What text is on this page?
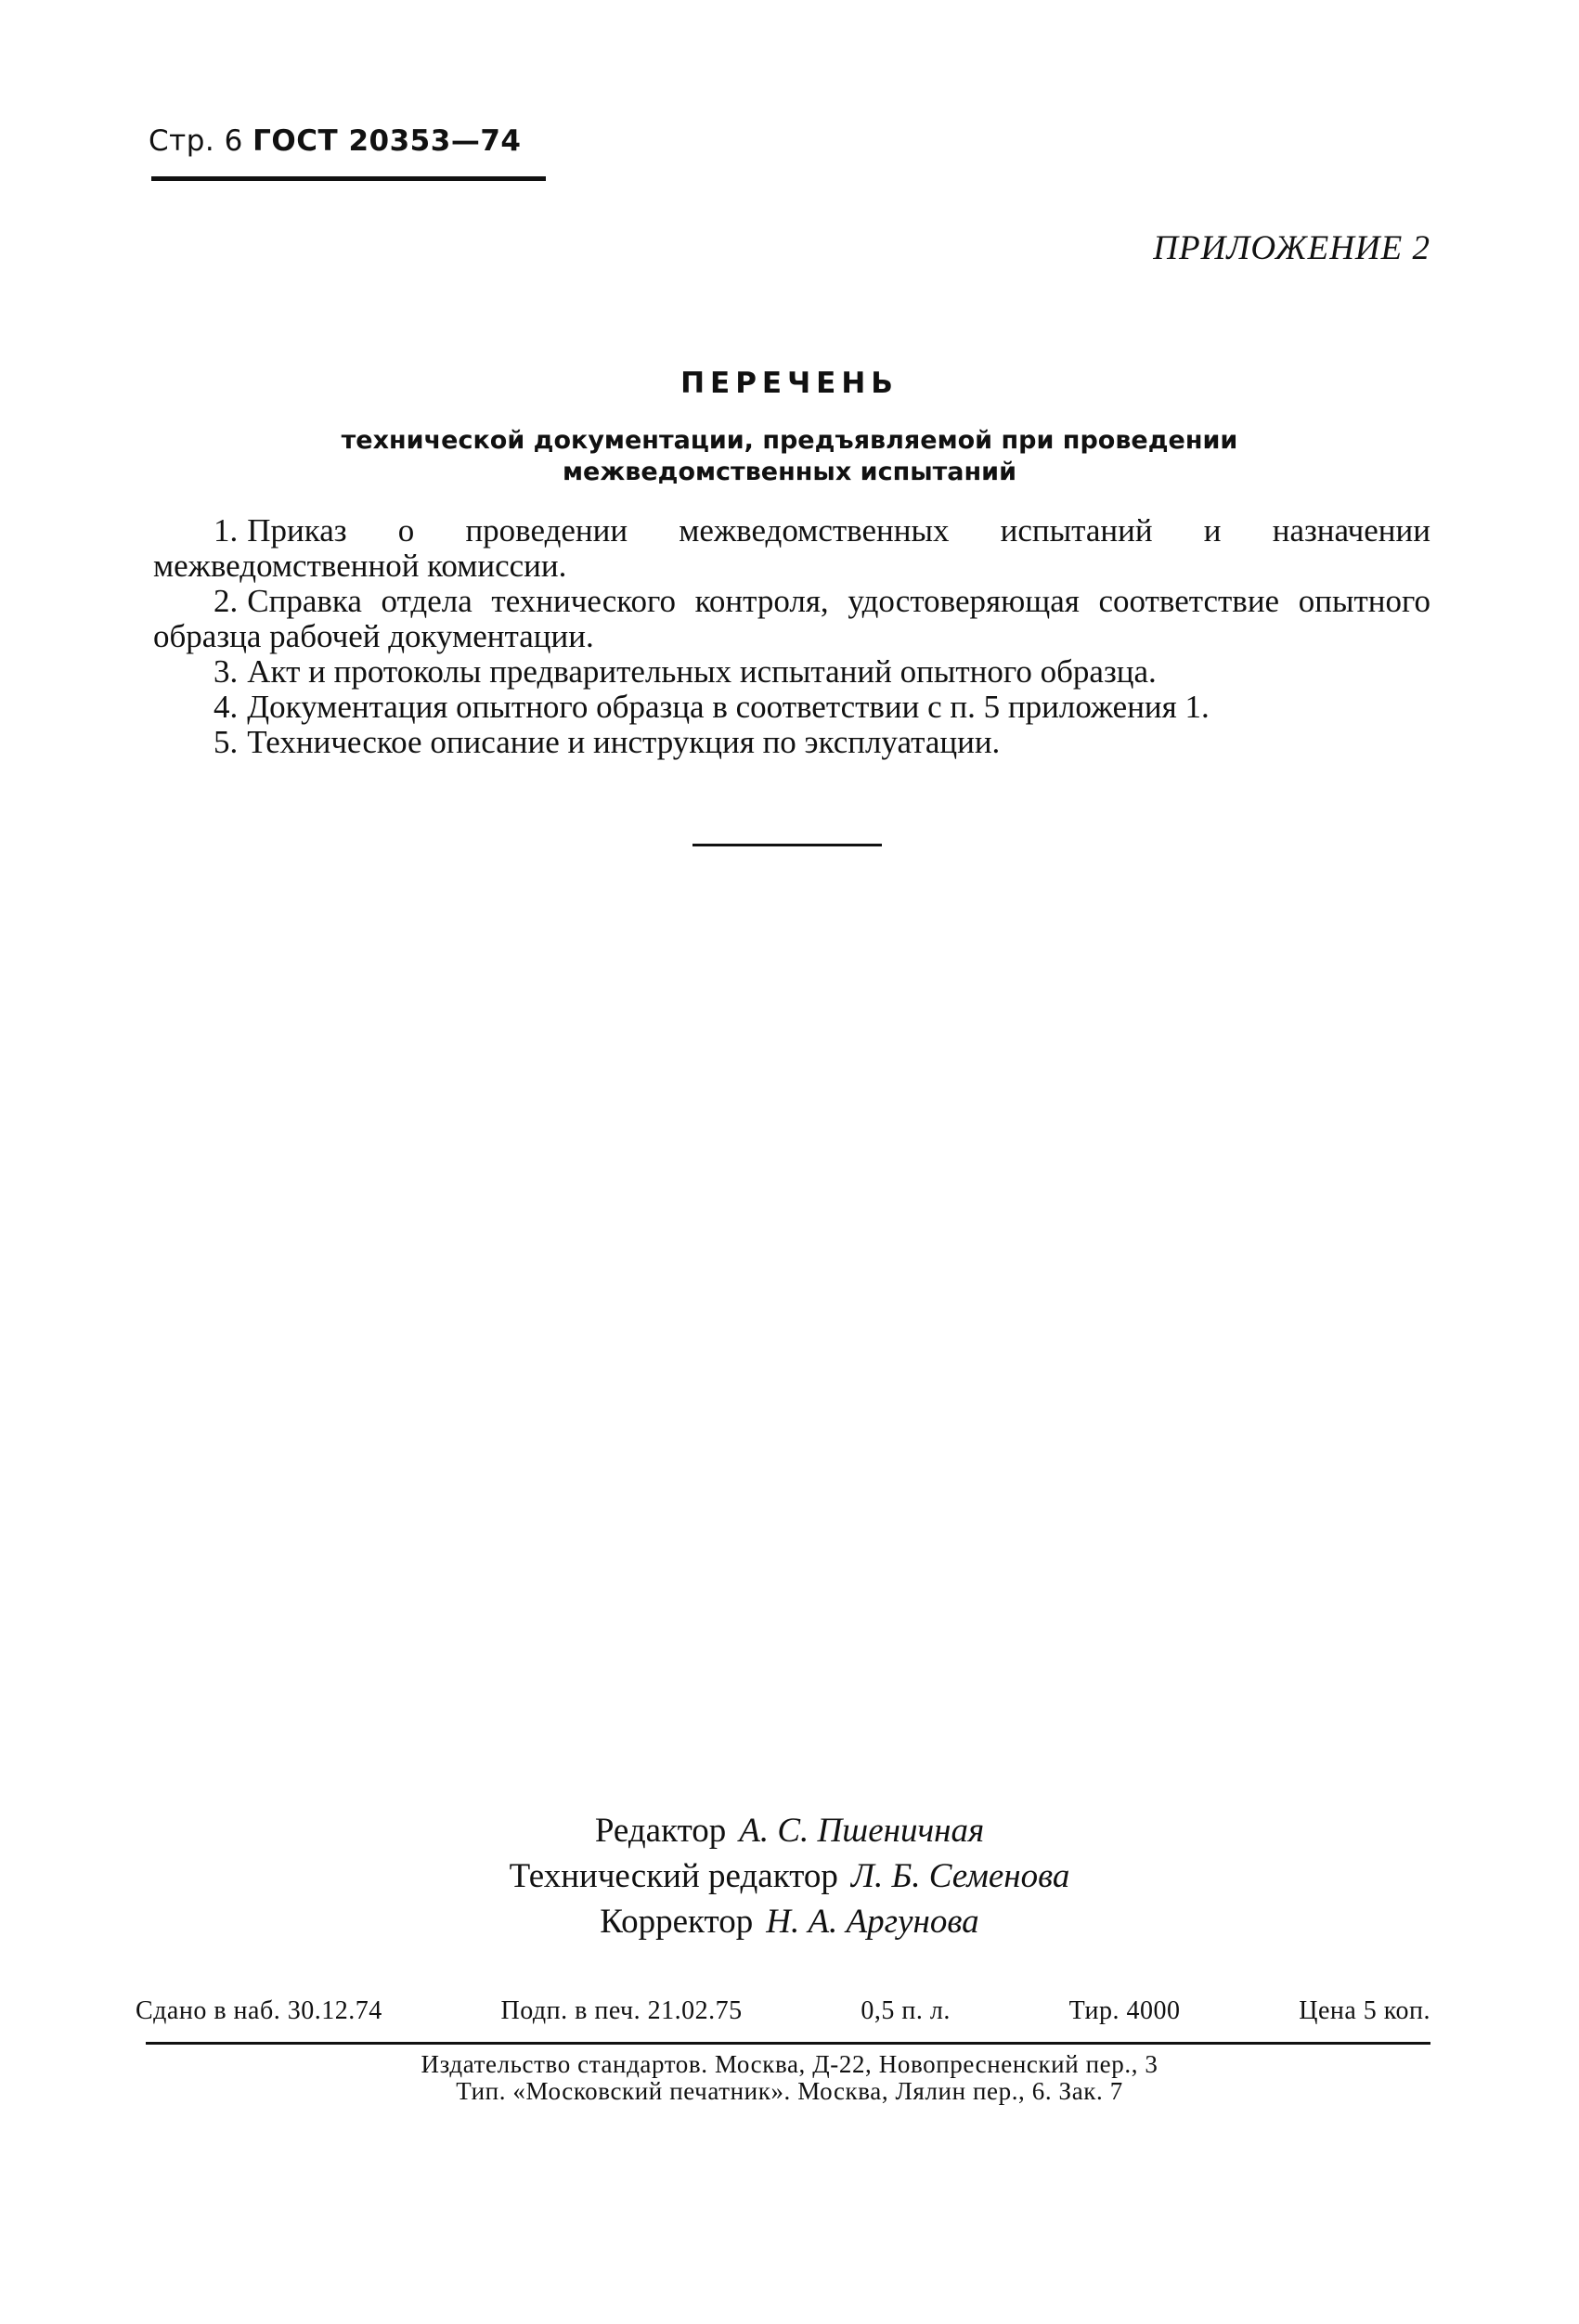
Стр. 6 ГОСТ 20353—74
ПРИЛОЖЕНИЕ 2
ПЕРЕЧЕНЬ
технической документации, предъявляемой при проведении
межведомственных испытаний
1. Приказ о проведении межведомственных испытаний и назначении межведомственной комиссии.
2. Справка отдела технического контроля, удостоверяющая соответствие опытного образца рабочей документации.
3. Акт и протоколы предварительных испытаний опытного образца.
4. Документация опытного образца в соответствии с п. 5 приложения 1.
5. Техническое описание и инструкция по эксплуатации.
Редактор А. С. Пшеничная
Технический редактор Л. Б. Семенова
Корректор Н. А. Аргунова
Сдано в наб. 30.12.74	Подп. в печ. 21.02.75	0,5 п. л.	Тир. 4000	Цена 5 коп.
Издательство стандартов. Москва, Д-22, Новопресненский пер., 3
Тип. «Московский печатник». Москва, Лялин пер., 6. Зак. 7
